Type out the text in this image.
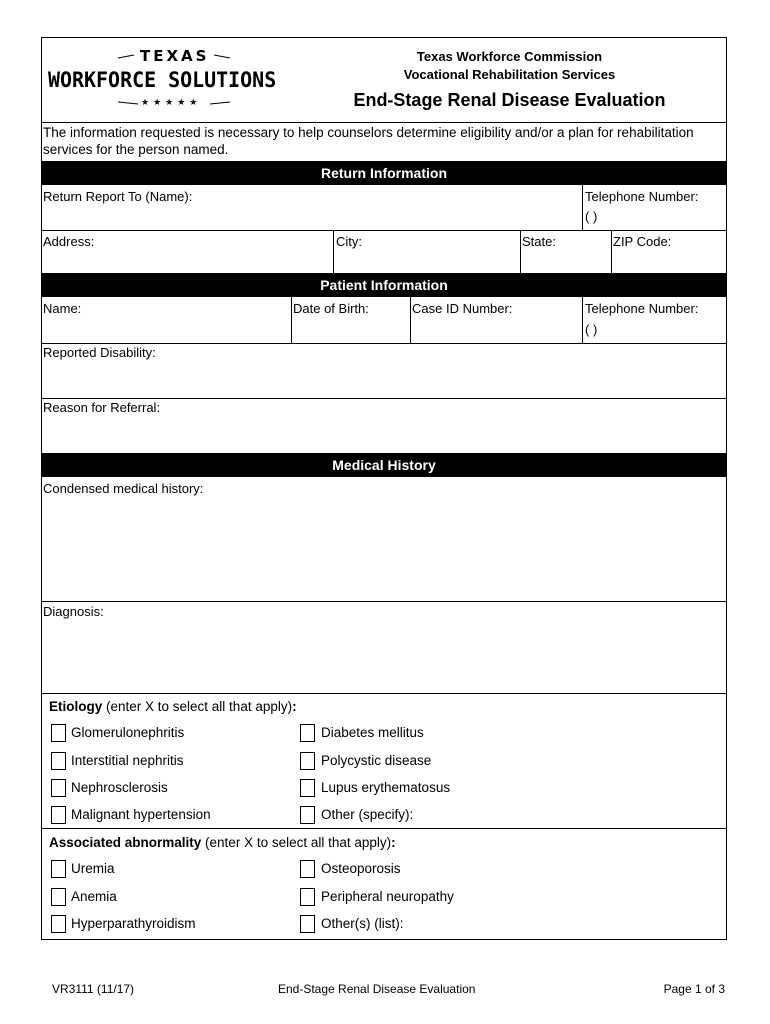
TEXAS
WORKFORCE SOLUTIONS
★★★★★
Texas Workforce Commission
Vocational Rehabilitation Services
End-Stage Renal Disease Evaluation
The information requested is necessary to help counselors determine eligibility and/or a plan for rehabilitation services for the person named.
Return Information
Return Report To (Name):	Telephone Number:
( )
Address:	City:	State:	ZIP Code:
Patient Information
Name:	Date of Birth:	Case ID Number:	Telephone Number:
( )
Reported Disability:
Reason for Referral:
Medical History
Condensed medical history:
Diagnosis:
Etiology (enter X to select all that apply):
Glomerulonephritis	Diabetes mellitus
Interstitial nephritis	Polycystic disease
Nephrosclerosis	Lupus erythematosus
Malignant hypertension	Other (specify):
Associated abnormality (enter X to select all that apply):
Uremia	Osteoporosis
Anemia	Peripheral neuropathy
Hyperparathyroidism	Other(s) (list):
VR3111 (11/17)	End-Stage Renal Disease Evaluation	Page 1 of 3
